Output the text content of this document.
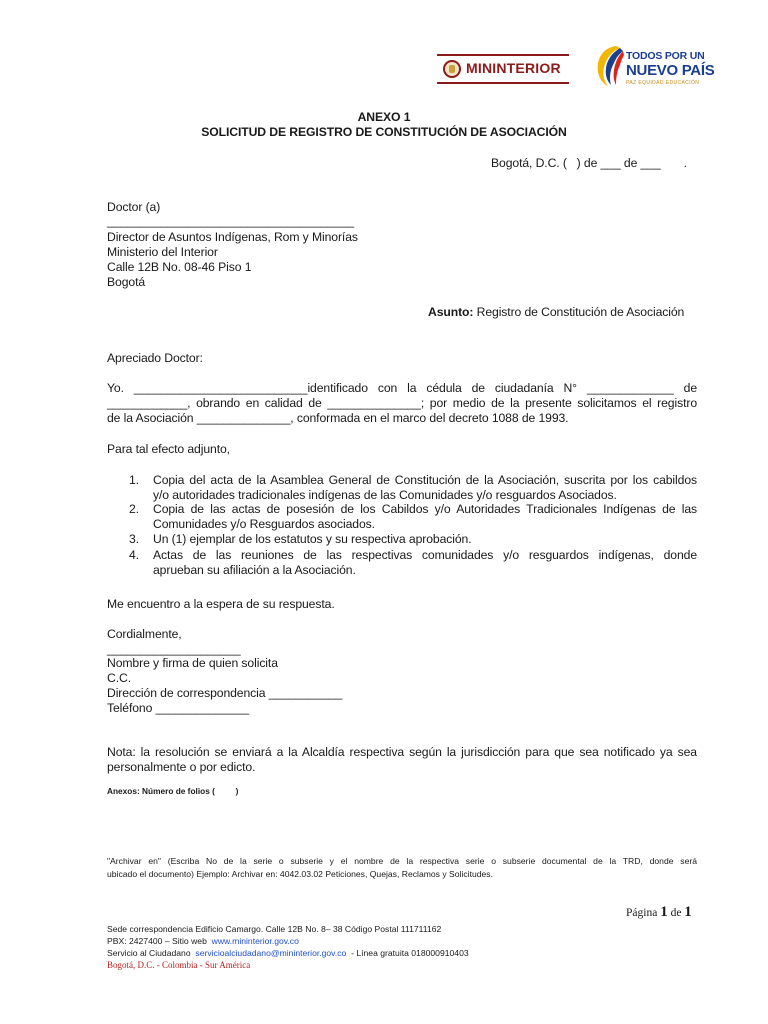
MININTERIOR
TODOS POR UN
NUEVO PAÍS
PAZ EQUIDAD EDUCACIÓN
ANEXO 1
SOLICITUD DE REGISTRO DE CONSTITUCIÓN DE ASOCIACIÓN
Bogotá, D.C. (   ) de ___ de ___       .
Doctor (a)
_____________________________________
Director de Asuntos Indígenas, Rom y Minorías
Ministerio del Interior
Calle 12B No. 08-46 Piso 1
Bogotá
Asunto: Registro de Constitución de Asociación
Apreciado Doctor:
Yo. __________________________identificado con la cédula de ciudadanía N° _____________ de
____________, obrando en calidad de ______________; por medio de la presente solicitamos el registro
de la Asociación ______________, conformada en el marco del decreto 1088 de 1993.
Para tal efecto adjunto,
1. Copia del acta de la Asamblea General de Constitución de la Asociación, suscrita por los cabildos
y/o autoridades tradicionales indígenas de las Comunidades y/o resguardos Asociados.
2. Copia de las actas de posesión de los Cabildos y/o Autoridades Tradicionales Indígenas de las
Comunidades y/o Resguardos asociados.
3. Un (1) ejemplar de los estatutos y su respectiva aprobación.
4. Actas de las reuniones de las respectivas comunidades y/o resguardos indígenas, donde
aprueban su afiliación a la Asociación.
Me encuentro a la espera de su respuesta.
Cordialmente,
____________________
Nombre y firma de quien solicita
C.C.
Dirección de correspondencia ___________
Teléfono ______________
Nota: la resolución se enviará a la Alcaldía respectiva según la jurisdicción para que sea notificado ya sea
personalmente o por edicto.
Anexos: Número de folios (         )
"Archivar en" (Escriba No de la serie o subserie y el nombre de la respectiva serie o subserie documental de la TRD, donde será
ubicado el documento) Ejemplo: Archivar en: 4042.03.02 Peticiones, Quejas, Reclamos y Solicitudes.
Página 1 de 1
Sede correspondencia Edificio Camargo. Calle 12B No. 8– 38 Código Postal 111711162
PBX: 2427400 – Sitio web  www.mininterior.gov.co
Servicio al Ciudadano  servicioalciudadano@mininterior.gov.co  - Línea gratuita 018000910403
Bogotá, D.C. - Colombia - Sur América
